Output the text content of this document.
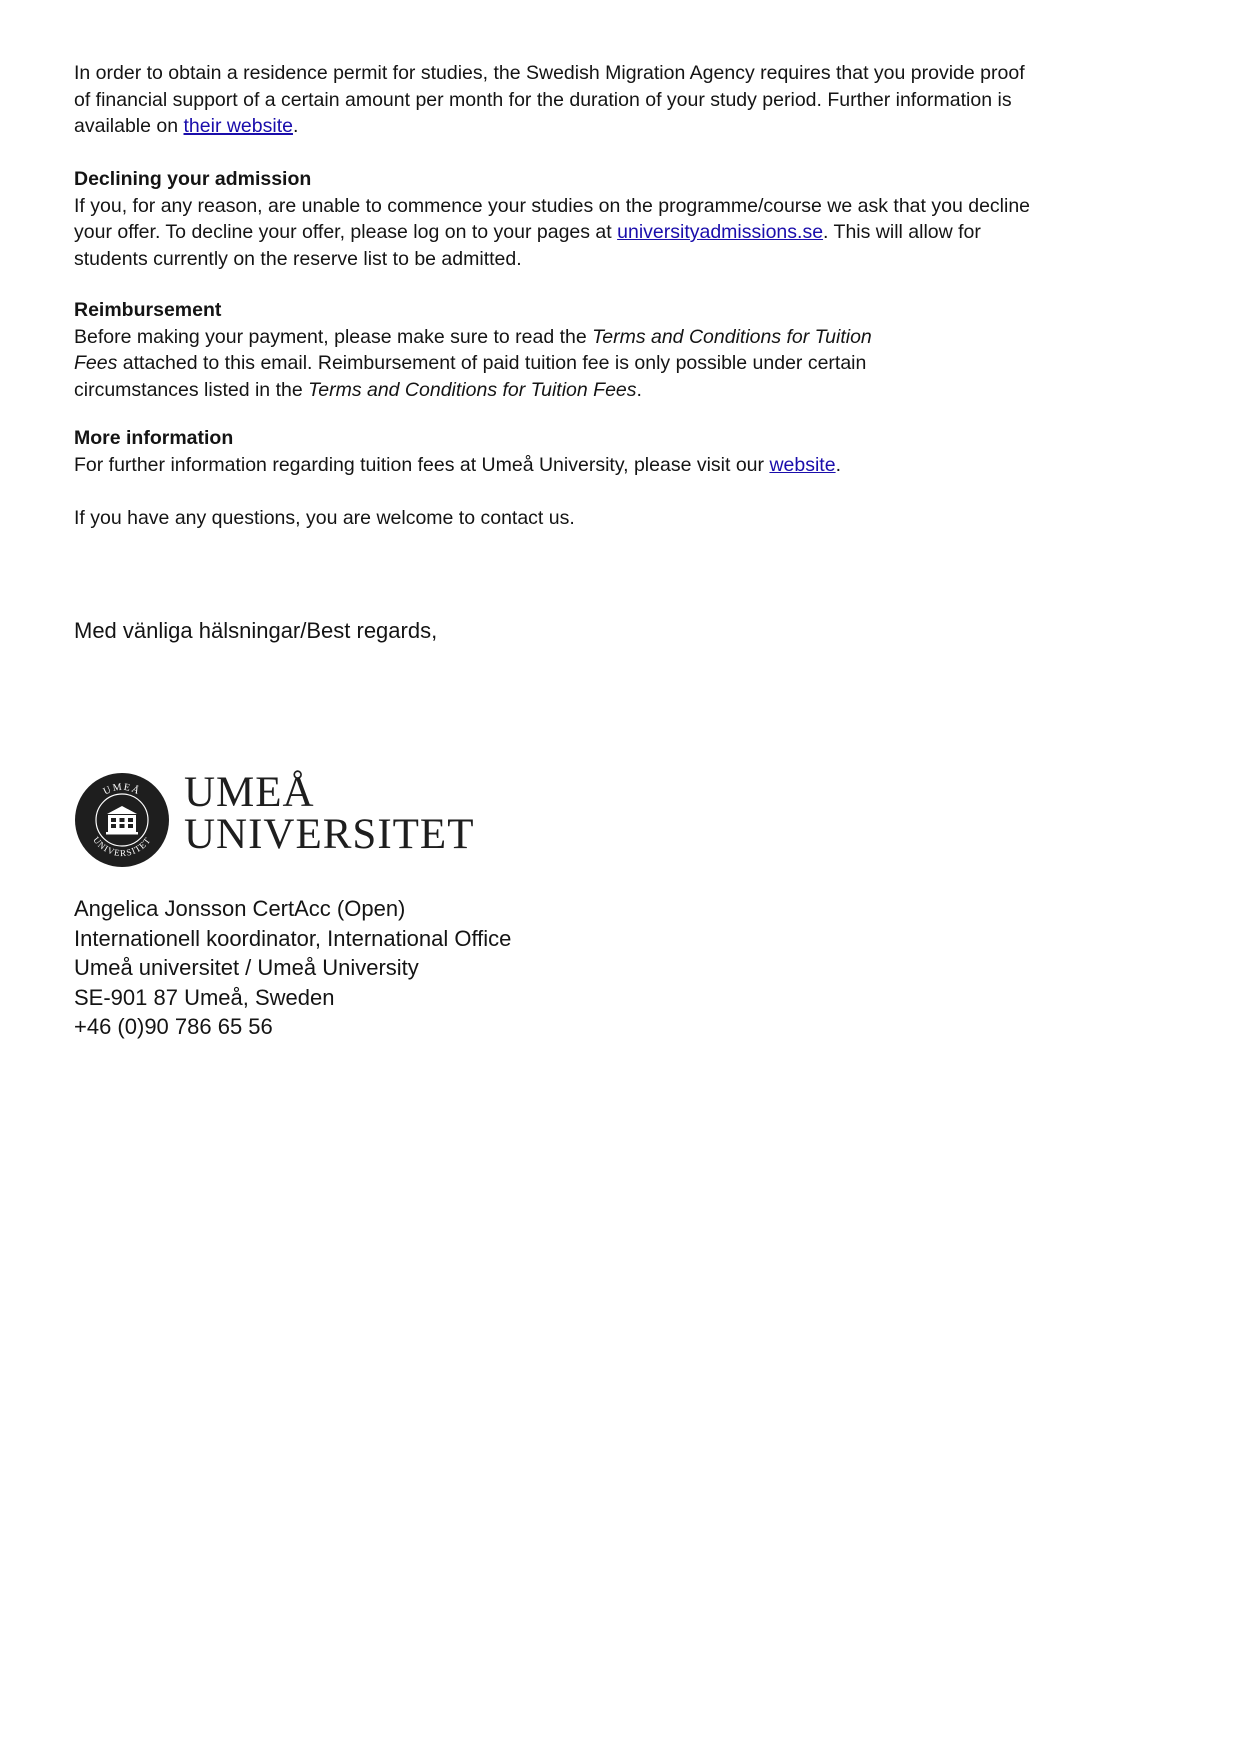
In order to obtain a residence permit for studies, the Swedish Migration Agency requires that you provide proof of financial support of a certain amount per month for the duration of your study period. Further information is available on their website.

Declining your admission

If you, for any reason, are unable to commence your studies on the programme/course we ask that you decline your offer. To decline your offer, please log on to your pages at universityadmissions.se. This will allow for students currently on the reserve list to be admitted.

Reimbursement

Before making your payment, please make sure to read the Terms and Conditions for Tuition Fees attached to this email. Reimbursement of paid tuition fee is only possible under certain circumstances listed in the Terms and Conditions for Tuition Fees.

More information

For further information regarding tuition fees at Umeå University, please visit our website.

If you have any questions, you are welcome to contact us.

Med vänliga hälsningar/Best regards,

UMEÅ
UNIVERSITET
UMEÅ
UNIVERSITET
Angelica Jonsson CertAcc (Open)
Internationell koordinator, International Office
Umeå universitet / Umeå University
SE-901 87 Umeå, Sweden
+46 (0)90 786 65 56
